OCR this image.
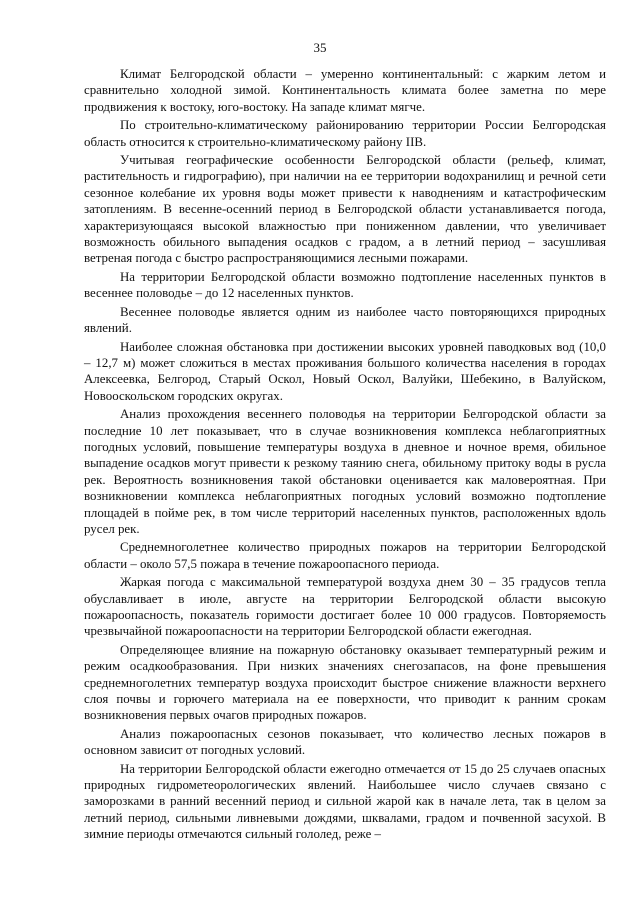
35

Климат Белгородской области – умеренно континентальный: с жарким летом и сравнительно холодной зимой. Континентальность климата более заметна по мере продвижения к востоку, юго-востоку. На западе климат мягче.

По строительно-климатическому районированию территории России Белгородская область относится к строительно-климатическому району IIВ.

Учитывая географические особенности Белгородской области (рельеф, климат, растительность и гидрографию), при наличии на ее территории водохранилищ и речной сети сезонное колебание их уровня воды может привести к наводнениям и катастрофическим затоплениям. В весенне-осенний период в Белгородской области устанавливается погода, характеризующаяся высокой влажностью при пониженном давлении, что увеличивает возможность обильного выпадения осадков с градом, а в летний период – засушливая ветреная погода с быстро распространяющимися лесными пожарами.

На территории Белгородской области возможно подтопление населенных пунктов в весеннее половодье – до 12 населенных пунктов.

Весеннее половодье является одним из наиболее часто повторяющихся природных явлений.

Наиболее сложная обстановка при достижении высоких уровней паводковых вод (10,0 – 12,7 м) может сложиться в местах проживания большого количества населения в городах Алексеевка, Белгород, Старый Оскол, Новый Оскол, Валуйки, Шебекино, в Валуйском, Новооскольском городских округах.

Анализ прохождения весеннего половодья на территории Белгородской области за последние 10 лет показывает, что в случае возникновения комплекса неблагоприятных погодных условий, повышение температуры воздуха в дневное и ночное время, обильное выпадение осадков могут привести к резкому таянию снега, обильному притоку воды в русла рек. Вероятность возникновения такой обстановки оценивается как маловероятная. При возникновении комплекса неблагоприятных погодных условий возможно подтопление площадей в пойме рек, в том числе территорий населенных пунктов, расположенных вдоль русел рек.

Среднемноголетнее количество природных пожаров на территории Белгородской области – около 57,5 пожара в течение пожароопасного периода.

Жаркая погода с максимальной температурой воздуха днем 30 – 35 градусов тепла обуславливает в июле, августе на территории Белгородской области высокую пожароопасность, показатель горимости достигает более 10 000 градусов. Повторяемость чрезвычайной пожароопасности на территории Белгородской области ежегодная.

Определяющее влияние на пожарную обстановку оказывает температурный режим и режим осадкообразования. При низких значениях снегозапасов, на фоне превышения среднемноголетних температур воздуха происходит быстрое снижение влажности верхнего слоя почвы и горючего материала на ее поверхности, что приводит к ранним срокам возникновения первых очагов природных пожаров.

Анализ пожароопасных сезонов показывает, что количество лесных пожаров в основном зависит от погодных условий.

На территории Белгородской области ежегодно отмечается от 15 до 25 случаев опасных природных гидрометеорологических явлений. Наибольшее число случаев связано с заморозками в ранний весенний период и сильной жарой как в начале лета, так в целом за летний период, сильными ливневыми дождями, шквалами, градом и почвенной засухой. В зимние периоды отмечаются сильный гололед, реже –
